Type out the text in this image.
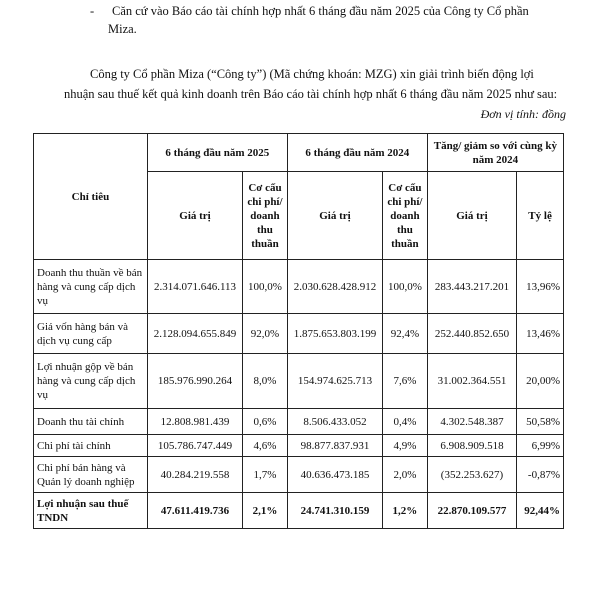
- Căn cứ vào Báo cáo tài chính hợp nhất 6 tháng đầu năm 2025 của Công ty Cổ phần
Miza.
Công ty Cổ phần Miza (“Công ty”) (Mã chứng khoán: MZG) xin giải trình biến động lợi
nhuận sau thuế kết quả kinh doanh trên Báo cáo tài chính hợp nhất 6 tháng đầu năm 2025 như sau:
Đơn vị tính: đồng
Chỉ tiêu	6 tháng đầu năm 2025		6 tháng đầu năm 2024		Tăng/ giảm so với cùng kỳ năm 2024	
	Giá trị	Cơ cấu chi phí/ doanh thu thuần	Giá trị	Cơ cấu chi phí/ doanh thu thuần	Giá trị	Tỷ lệ
Doanh thu thuần về bán hàng và cung cấp dịch vụ	2.314.071.646.113	100,0%	2.030.628.428.912	100,0%	283.443.217.201	13,96%
Giá vốn hàng bán và dịch vụ cung cấp	2.128.094.655.849	92,0%	1.875.653.803.199	92,4%	252.440.852.650	13,46%
Lợi nhuận gộp về bán hàng và cung cấp dịch vụ	185.976.990.264	8,0%	154.974.625.713	7,6%	31.002.364.551	20,00%
Doanh thu tài chính	12.808.981.439	0,6%	8.506.433.052	0,4%	4.302.548.387	50,58%
Chi phí tài chính	105.786.747.449	4,6%	98.877.837.931	4,9%	6.908.909.518	6,99%
Chi phí bán hàng và Quản lý doanh nghiệp	40.284.219.558	1,7%	40.636.473.185	2,0%	(352.253.627)	-0,87%
Lợi nhuận sau thuế TNDN	47.611.419.736	2,1%	24.741.310.159	1,2%	22.870.109.577	92,44%
